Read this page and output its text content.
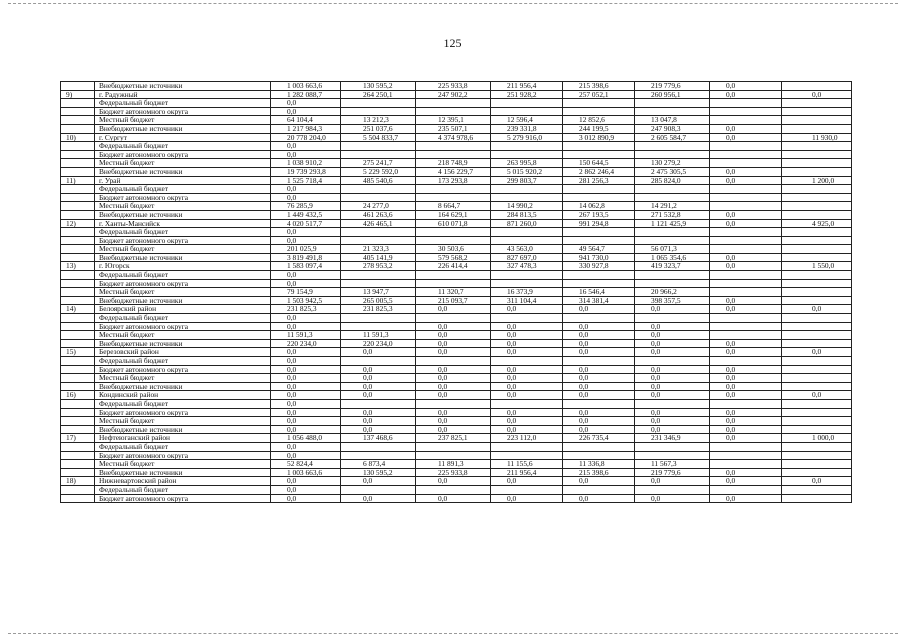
125
	Внебюджетные источники	1 003 663,6	130 595,2	225 933,8	211 956,4	215 398,6	219 779,6	0,0	
9)	г. Радужный	1 282 088,7	264 250,1	247 902,2	251 928,2	257 052,1	260 956,1	0,0	0,0
	Федеральный бюджет	0,0							
	Бюджет автономного округа	0,0							
	Местный бюджет	64 104,4	13 212,3	12 395,1	12 596,4	12 852,6	13 047,8		
	Внебюджетные источники	1 217 984,3	251 037,6	235 507,1	239 331,8	244 199,5	247 908,3	0,0	
10)	г. Сургут	20 778 204,0	5 504 833,7	4 374 978,6	5 279 916,0	3 012 890,9	2 605 584,7	0,0	11 930,0
	Федеральный бюджет	0,0							
	Бюджет автономного округа	0,0							
	Местный бюджет	1 038 910,2	275 241,7	218 748,9	263 995,8	150 644,5	130 279,2		
	Внебюджетные источники	19 739 293,8	5 229 592,0	4 156 229,7	5 015 920,2	2 862 246,4	2 475 305,5	0,0	
11)	г. Урай	1 525 718,4	485 540,6	173 293,8	299 803,7	281 256,3	285 824,0	0,0	1 200,0
	Федеральный бюджет	0,0							
	Бюджет автономного округа	0,0							
	Местный бюджет	76 285,9	24 277,0	8 664,7	14 990,2	14 062,8	14 291,2		
	Внебюджетные источники	1 449 432,5	461 263,6	164 629,1	284 813,5	267 193,5	271 532,8	0,0	
12)	г. Ханты-Мансийск	4 020 517,7	426 465,1	610 071,8	871 260,0	991 294,8	1 121 425,9	0,0	4 925,0
	Федеральный бюджет	0,0							
	Бюджет автономного округа	0,0							
	Местный бюджет	201 025,9	21 323,3	30 503,6	43 563,0	49 564,7	56 071,3		
	Внебюджетные источники	3 819 491,8	405 141,9	579 568,2	827 697,0	941 730,0	1 065 354,6	0,0	
13)	г. Югорск	1 583 097,4	278 953,2	226 414,4	327 478,3	330 927,8	419 323,7	0,0	1 550,0
	Федеральный бюджет	0,0							
	Бюджет автономного округа	0,0							
	Местный бюджет	79 154,9	13 947,7	11 320,7	16 373,9	16 546,4	20 966,2		
	Внебюджетные источники	1 503 942,5	265 005,5	215 093,7	311 104,4	314 381,4	398 357,5	0,0	
14)	Белоярский район	231 825,3	231 825,3	0,0	0,0	0,0	0,0	0,0	0,0
	Федеральный бюджет	0,0							
	Бюджет автономного округа	0,0		0,0	0,0	0,0	0,0		
	Местный бюджет	11 591,3	11 591,3	0,0	0,0	0,0	0,0		
	Внебюджетные источники	220 234,0	220 234,0	0,0	0,0	0,0	0,0	0,0	
15)	Березовский район	0,0	0,0	0,0	0,0	0,0	0,0	0,0	0,0
	Федеральный бюджет	0,0							
	Бюджет автономного округа	0,0	0,0	0,0	0,0	0,0	0,0	0,0	
	Местный бюджет	0,0	0,0	0,0	0,0	0,0	0,0	0,0	
	Внебюджетные источники	0,0	0,0	0,0	0,0	0,0	0,0	0,0	
16)	Кондинский район	0,0	0,0	0,0	0,0	0,0	0,0	0,0	0,0
	Федеральный бюджет	0,0							
	Бюджет автономного округа	0,0	0,0	0,0	0,0	0,0	0,0	0,0	
	Местный бюджет	0,0	0,0	0,0	0,0	0,0	0,0	0,0	
	Внебюджетные источники	0,0	0,0	0,0	0,0	0,0	0,0	0,0	
17)	Нефтеюганский район	1 056 488,0	137 468,6	237 825,1	223 112,0	226 735,4	231 346,9	0,0	1 000,0
	Федеральный бюджет	0,0							
	Бюджет автономного округа	0,0							
	Местный бюджет	52 824,4	6 873,4	11 891,3	11 155,6	11 336,8	11 567,3		
	Внебюджетные источники	1 003 663,6	130 595,2	225 933,8	211 956,4	215 398,6	219 779,6	0,0	
18)	Нижневартовский район	0,0	0,0	0,0	0,0	0,0	0,0	0,0	0,0
	Федеральный бюджет	0,0							
	Бюджет автономного округа	0,0	0,0	0,0	0,0	0,0	0,0	0,0	
